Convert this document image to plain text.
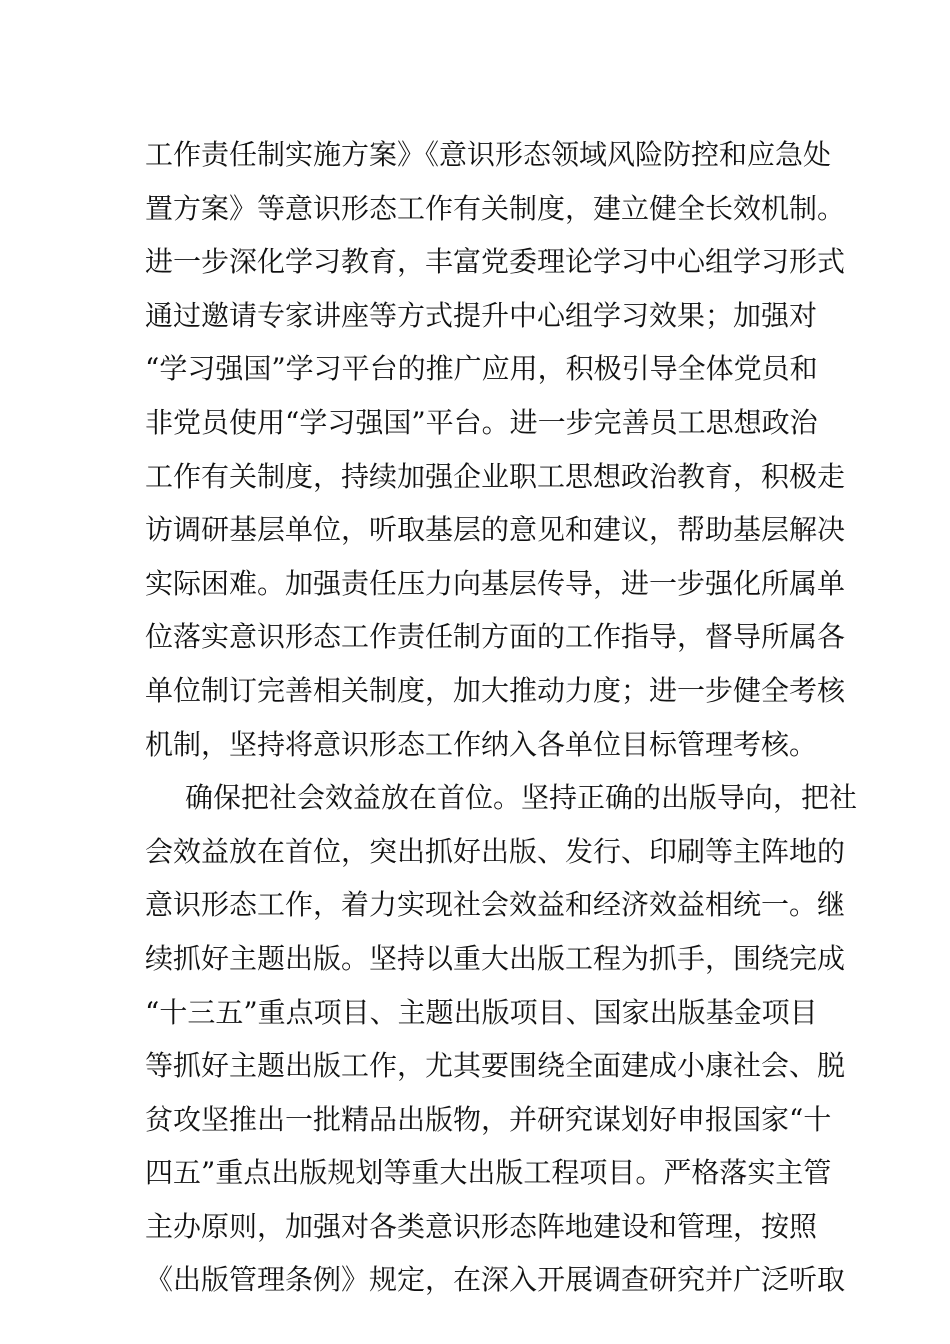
工作责任制实施方案》《意识形态领域风险防控和应急处
置方案》等意识形态工作有关制度，建立健全长效机制。
进一步深化学习教育，丰富党委理论学习中心组学习形式
通过邀请专家讲座等方式提升中心组学习效果；加强对
“学习强国”学习平台的推广应用，积极引导全体党员和
非党员使用“学习强国”平台。进一步完善员工思想政治
工作有关制度，持续加强企业职工思想政治教育，积极走
访调研基层单位，听取基层的意见和建议，帮助基层解决
实际困难。加强责任压力向基层传导，进一步强化所属单
位落实意识形态工作责任制方面的工作指导，督导所属各
单位制订完善相关制度，加大推动力度；进一步健全考核
机制，坚持将意识形态工作纳入各单位目标管理考核。
确保把社会效益放在首位。坚持正确的出版导向，把社
会效益放在首位，突出抓好出版、发行、印刷等主阵地的
意识形态工作，着力实现社会效益和经济效益相统一。继
续抓好主题出版。坚持以重大出版工程为抓手，围绕完成
“十三五”重点项目、主题出版项目、国家出版基金项目
等抓好主题出版工作，尤其要围绕全面建成小康社会、脱
贫攻坚推出一批精品出版物，并研究谋划好申报国家“十
四五”重点出版规划等重大出版工程项目。严格落实主管
主办原则，加强对各类意识形态阵地建设和管理，按照
《出版管理条例》规定，在深入开展调查研究并广泛听取
